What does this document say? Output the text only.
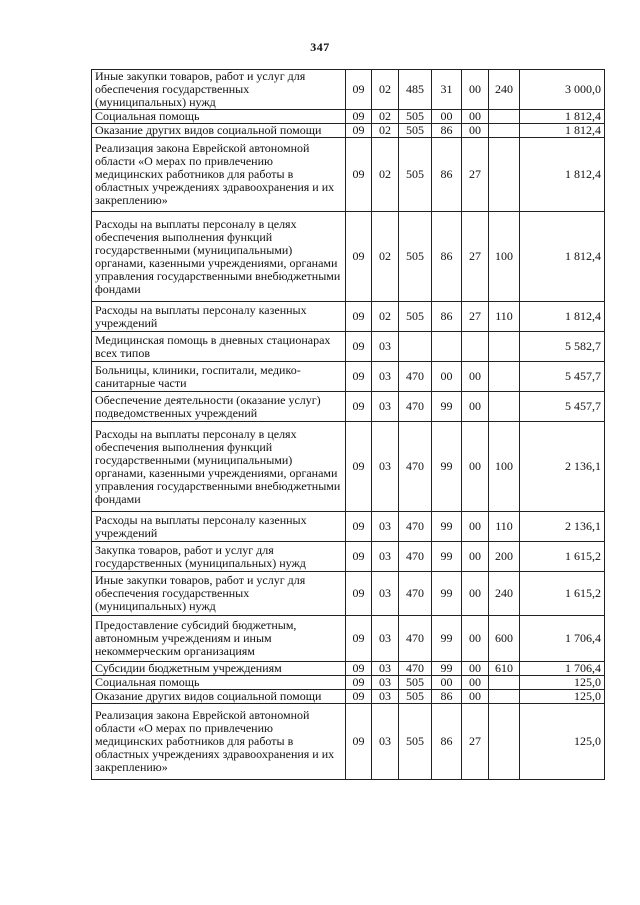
347
Иные закупки товаров, работ и услуг для обеспечения государственных (муниципальных) нужд	09	02	485	31	00	240	3 000,0
Социальная помощь	09	02	505	00	00		1 812,4
Оказание других видов социальной помощи	09	02	505	86	00		1 812,4
Реализация закона Еврейской автономной области «О мерах по привлечению медицинских работников для работы в областных учреждениях здравоохранения и их закреплению»	09	02	505	86	27		1 812,4
Расходы на выплаты персоналу в целях обеспечения выполнения функций государственными (муниципальными) органами, казенными учреждениями, органами управления государственными внебюджетными фондами	09	02	505	86	27	100	1 812,4
Расходы на выплаты персоналу казенных учреждений	09	02	505	86	27	110	1 812,4
Медицинская помощь в дневных стационарах всех типов	09	03					5 582,7
Больницы, клиники, госпитали, медико-санитарные части	09	03	470	00	00		5 457,7
Обеспечение деятельности (оказание услуг) подведомственных учреждений	09	03	470	99	00		5 457,7
Расходы на выплаты персоналу в целях обеспечения выполнения функций государственными (муниципальными) органами, казенными учреждениями, органами управления государственными внебюджетными фондами	09	03	470	99	00	100	2 136,1
Расходы на выплаты персоналу казенных учреждений	09	03	470	99	00	110	2 136,1
Закупка товаров, работ и услуг для государственных (муниципальных) нужд	09	03	470	99	00	200	1 615,2
Иные закупки товаров, работ и услуг для обеспечения государственных (муниципальных) нужд	09	03	470	99	00	240	1 615,2
Предоставление субсидий бюджетным, автономным учреждениям и иным некоммерческим организациям	09	03	470	99	00	600	1 706,4
Субсидии бюджетным учреждениям	09	03	470	99	00	610	1 706,4
Социальная помощь	09	03	505	00	00		125,0
Оказание других видов социальной помощи	09	03	505	86	00		125,0
Реализация закона Еврейской автономной области «О мерах по привлечению медицинских работников для работы в областных учреждениях здравоохранения и их закреплению»	09	03	505	86	27		125,0
